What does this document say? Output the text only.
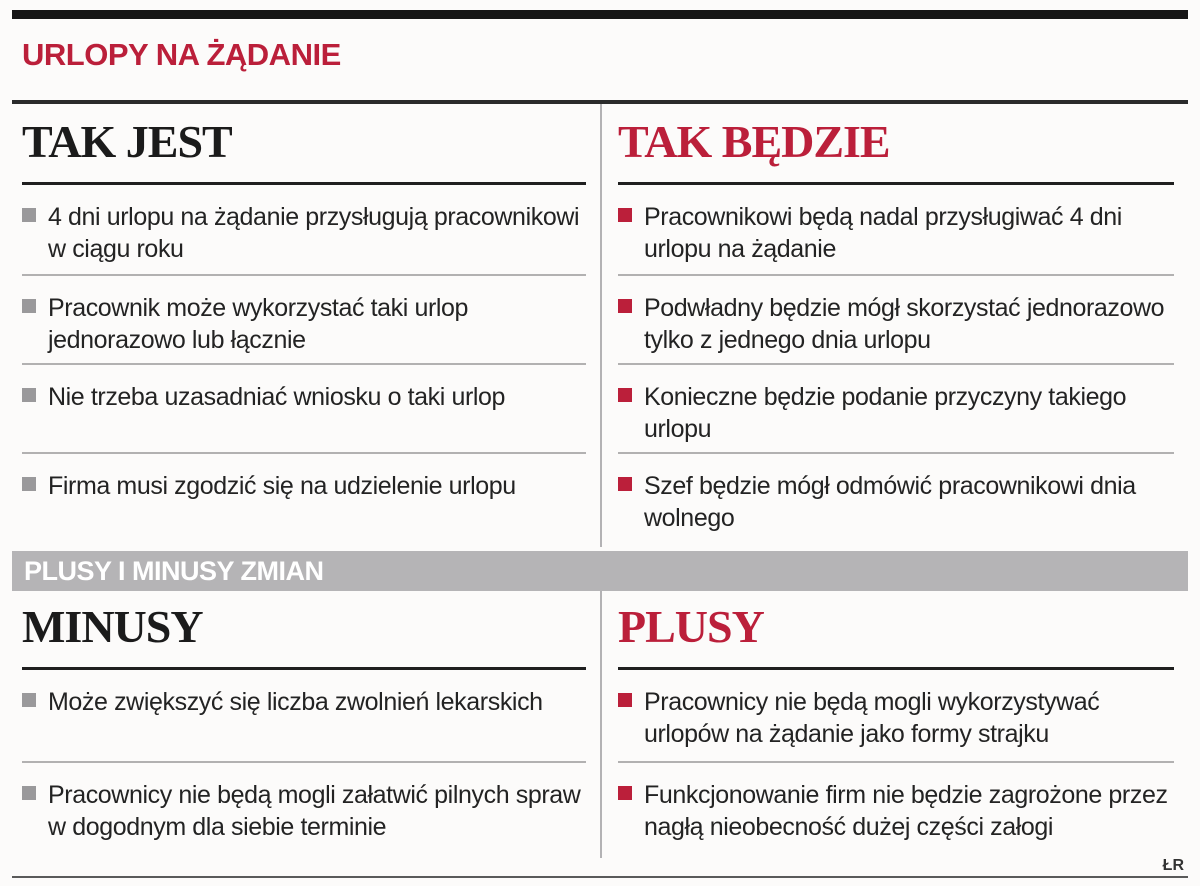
URLOPY NA ŻĄDANIE
TAK JEST
4 dni urlopu na żądanie przysługują pracownikowi w ciągu roku
Pracownik może wykorzystać taki urlop jednorazowo lub łącznie
Nie trzeba uzasadniać wniosku o taki urlop
Firma musi zgodzić się na udzielenie urlopu
TAK BĘDZIE
Pracownikowi będą nadal przysługiwać 4 dni urlopu na żądanie
Podwładny będzie mógł skorzystać jednorazowo tylko z jednego dnia urlopu
Konieczne będzie podanie przyczyny takiego urlopu
Szef będzie mógł odmówić pracownikowi dnia wolnego
PLUSY I MINUSY ZMIAN
MINUSY
Może zwiększyć się liczba zwolnień lekarskich
Pracownicy nie będą mogli załatwić pilnych spraw w dogodnym dla siebie terminie
PLUSY
Pracownicy nie będą mogli wykorzystywać urlopów na żądanie jako formy strajku
Funkcjonowanie firm nie będzie zagrożone przez nagłą nieobecność dużej części załogi
ŁR
